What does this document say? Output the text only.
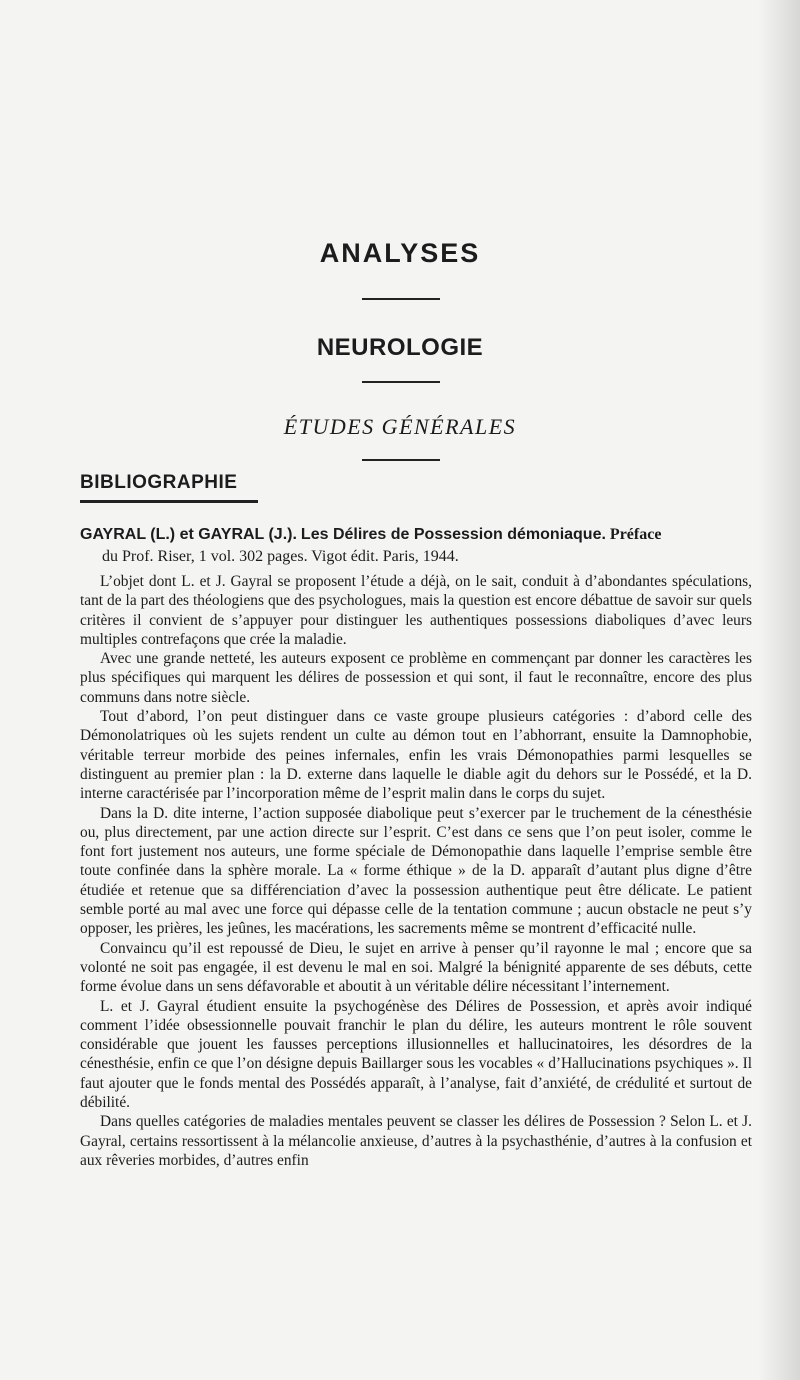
ANALYSES
NEUROLOGIE
ÉTUDES GÉNÉRALES
BIBLIOGRAPHIE
GAYRAL (L.) et GAYRAL (J.). Les Délires de Possession démoniaque. Préface
du Prof. Riser, 1 vol. 302 pages. Vigot édit. Paris, 1944.

L’objet dont L. et J. Gayral se proposent l’étude a déjà, on le sait, conduit à d’abondantes spéculations, tant de la part des théologiens que des psychologues, mais la question est encore débattue de savoir sur quels critères il convient de s’appuyer pour distinguer les authentiques possessions diaboliques d’avec leurs multiples contrefaçons que crée la maladie.

Avec une grande netteté, les auteurs exposent ce problème en commençant par donner les caractères les plus spécifiques qui marquent les délires de possession et qui sont, il faut le reconnaître, encore des plus communs dans notre siècle.

Tout d’abord, l’on peut distinguer dans ce vaste groupe plusieurs catégories : d’abord celle des Démonolatriques où les sujets rendent un culte au démon tout en l’abhorrant, ensuite la Damnophobie, véritable terreur morbide des peines infernales, enfin les vrais Démonopathies parmi lesquelles se distinguent au premier plan : la D. externe dans laquelle le diable agit du dehors sur le Possédé, et la D. interne caractérisée par l’incorporation même de l’esprit malin dans le corps du sujet.

Dans la D. dite interne, l’action supposée diabolique peut s’exercer par le truchement de la cénesthésie ou, plus directement, par une action directe sur l’esprit. C’est dans ce sens que l’on peut isoler, comme le font fort justement nos auteurs, une forme spéciale de Démonopathie dans laquelle l’emprise semble être toute confinée dans la sphère morale. La « forme éthique » de la D. apparaît d’autant plus digne d’être étudiée et retenue que sa différenciation d’avec la possession authentique peut être délicate. Le patient semble porté au mal avec une force qui dépasse celle de la tentation commune ; aucun obstacle ne peut s’y opposer, les prières, les jeûnes, les macérations, les sacrements même se montrent d’efficacité nulle.

Convaincu qu’il est repoussé de Dieu, le sujet en arrive à penser qu’il rayonne le mal ; encore que sa volonté ne soit pas engagée, il est devenu le mal en soi. Malgré la bénignité apparente de ses débuts, cette forme évolue dans un sens défavorable et aboutit à un véritable délire nécessitant l’internement.

L. et J. Gayral étudient ensuite la psychogénèse des Délires de Possession, et après avoir indiqué comment l’idée obsessionnelle pouvait franchir le plan du délire, les auteurs montrent le rôle souvent considérable que jouent les fausses perceptions illusionnelles et hallucinatoires, les désordres de la cénesthésie, enfin ce que l’on désigne depuis Baillarger sous les vocables « d’Hallucinations psychiques ». Il faut ajouter que le fonds mental des Possédés apparaît, à l’analyse, fait d’anxiété, de crédulité et surtout de débilité.

Dans quelles catégories de maladies mentales peuvent se classer les délires de Possession ? Selon L. et J. Gayral, certains ressortissent à la mélancolie anxieuse, d’autres à la psychasthénie, d’autres à la confusion et aux rêveries morbides, d’autres enfin
